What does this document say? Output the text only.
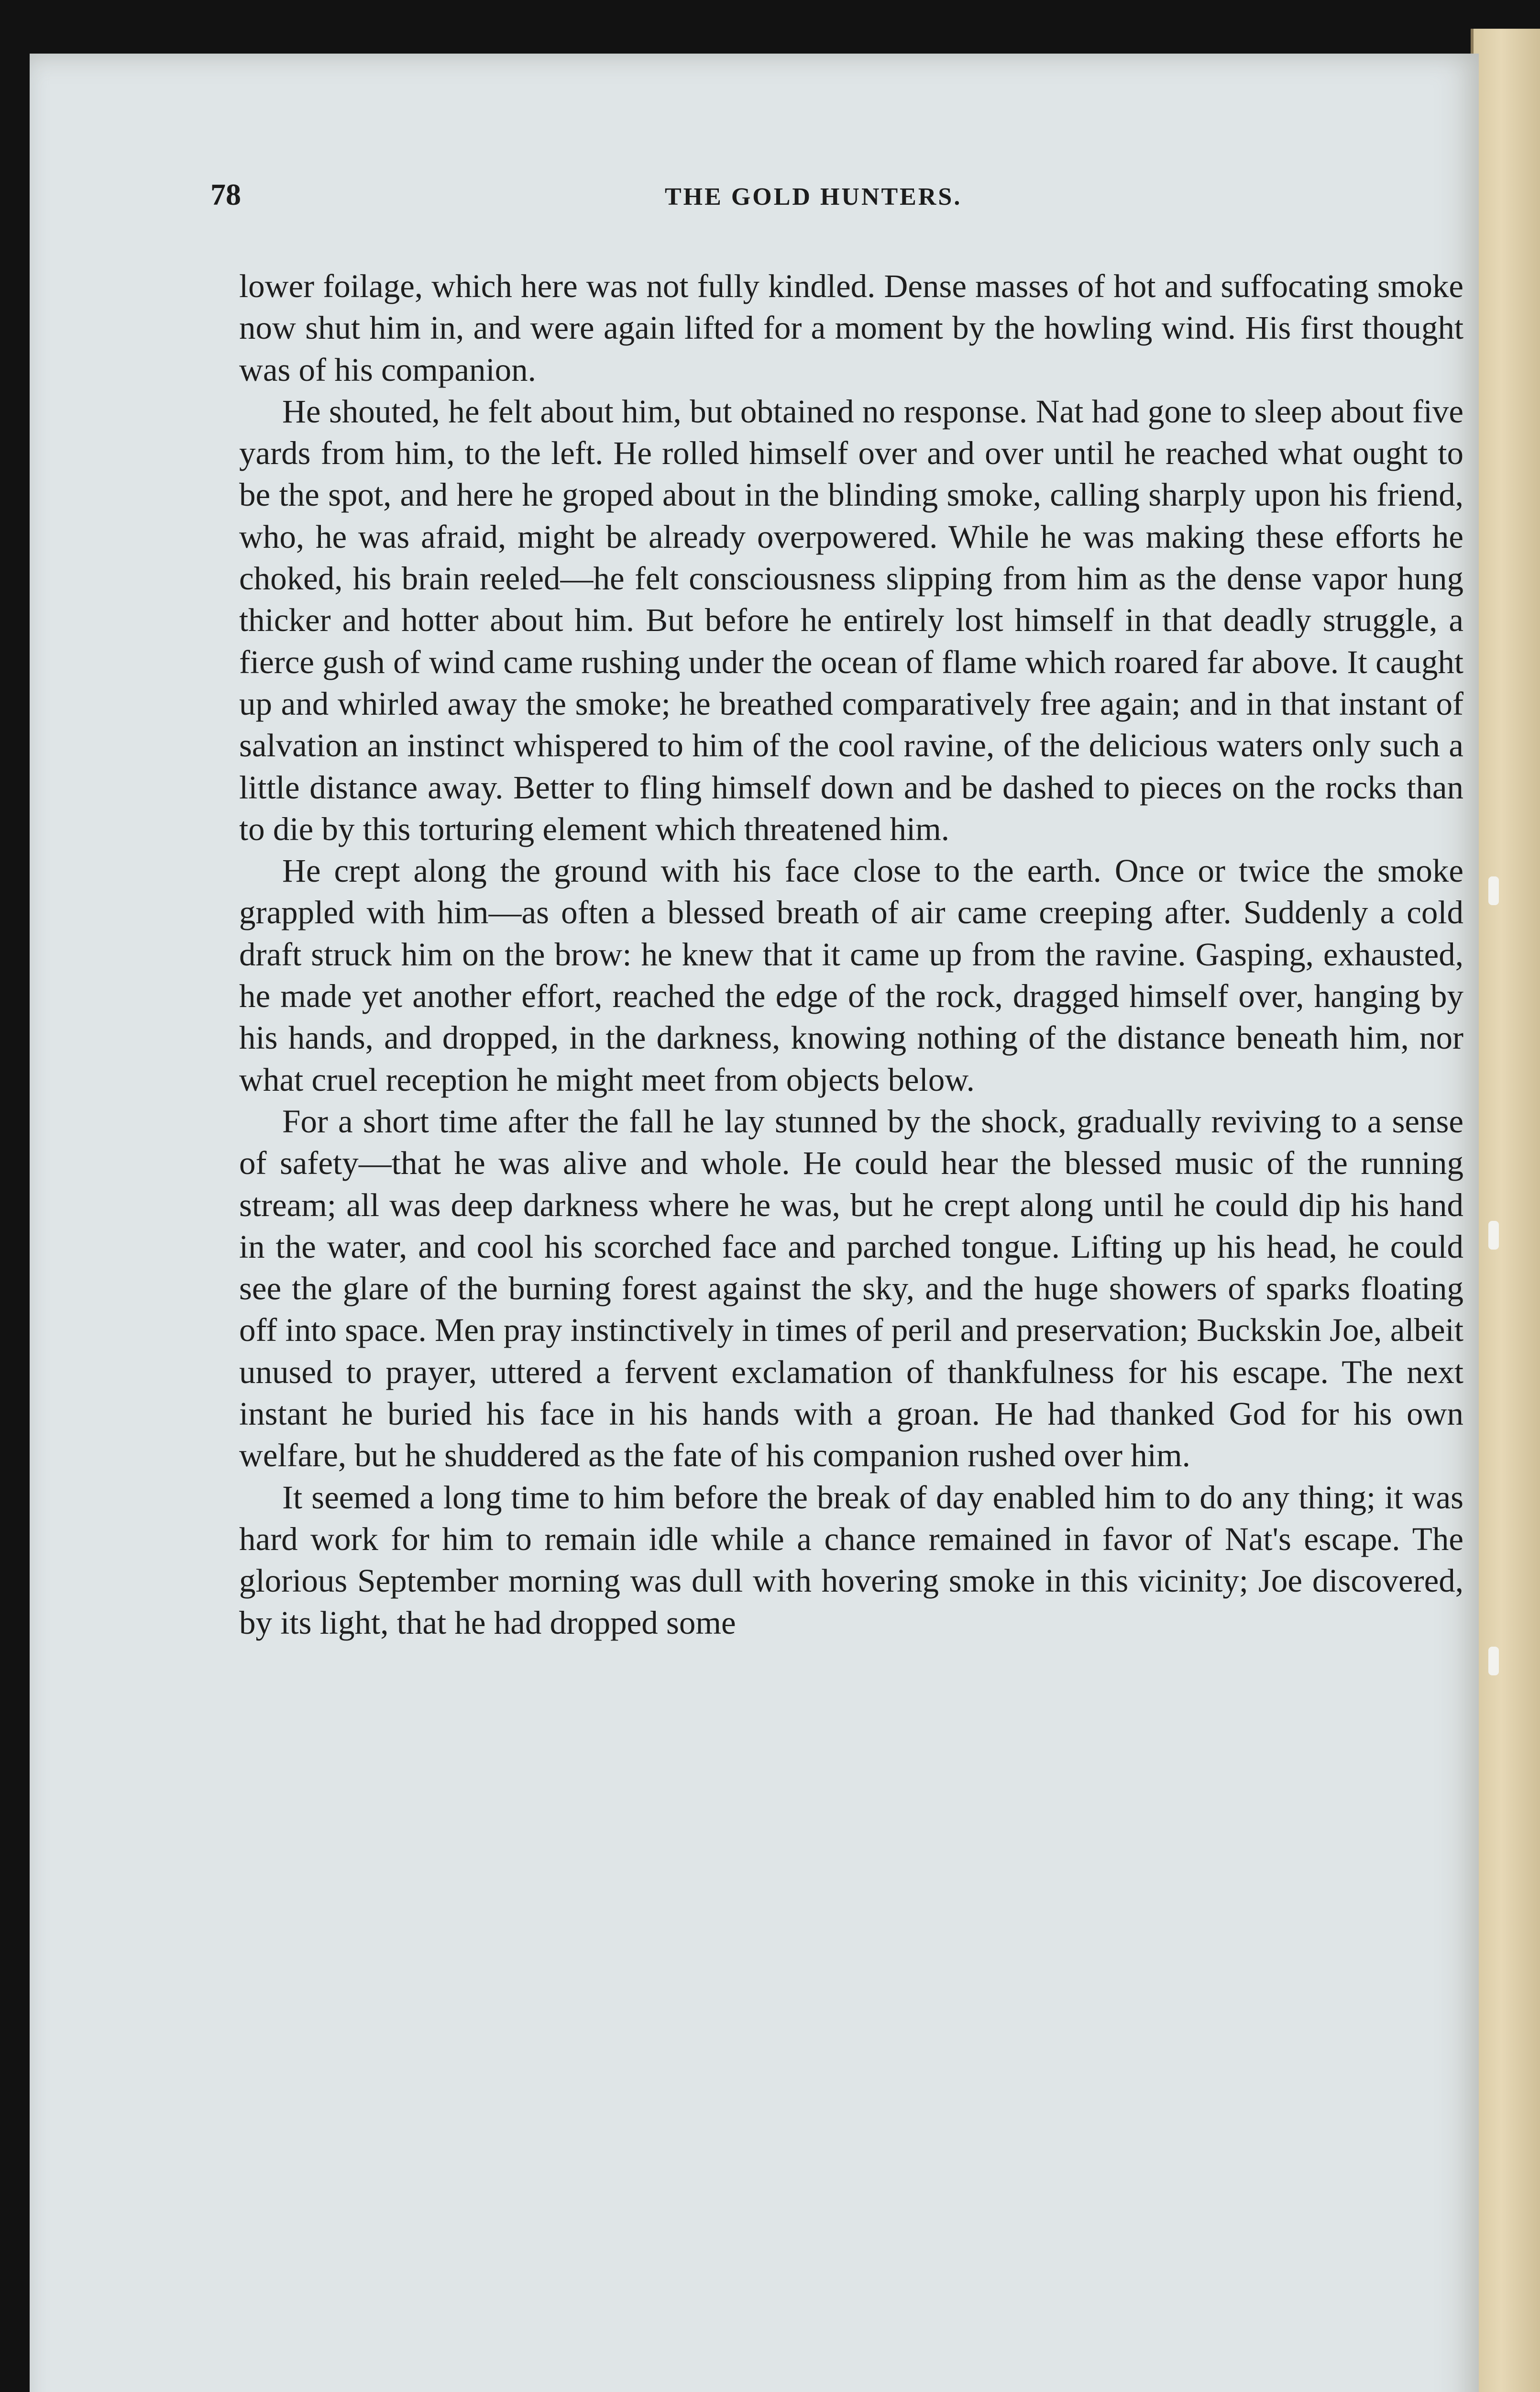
78	THE GOLD HUNTERS.

lower foilage, which here was not fully kindled. Dense masses of hot and suffocating smoke now shut him in, and were again lifted for a moment by the howling wind. His first thought was of his companion.

He shouted, he felt about him, but obtained no response. Nat had gone to sleep about five yards from him, to the left. He rolled himself over and over until he reached what ought to be the spot, and here he groped about in the blinding smoke, calling sharply upon his friend, who, he was afraid, might be already overpowered. While he was making these efforts he choked, his brain reeled—he felt consciousness slipping from him as the dense vapor hung thicker and hotter about him. But before he entirely lost himself in that deadly struggle, a fierce gush of wind came rushing under the ocean of flame which roared far above. It caught up and whirled away the smoke; he breathed comparatively free again; and in that instant of salvation an instinct whispered to him of the cool ravine, of the delicious waters only such a little distance away. Better to fling himself down and be dashed to pieces on the rocks than to die by this torturing element which threatened him.

He crept along the ground with his face close to the earth. Once or twice the smoke grappled with him—as often a blessed breath of air came creeping after. Suddenly a cold draft struck him on the brow: he knew that it came up from the ravine. Gasping, exhausted, he made yet another effort, reached the edge of the rock, dragged himself over, hanging by his hands, and dropped, in the darkness, knowing nothing of the distance beneath him, nor what cruel reception he might meet from objects below.

For a short time after the fall he lay stunned by the shock, gradually reviving to a sense of safety—that he was alive and whole. He could hear the blessed music of the running stream; all was deep darkness where he was, but he crept along until he could dip his hand in the water, and cool his scorched face and parched tongue. Lifting up his head, he could see the glare of the burning forest against the sky, and the huge showers of sparks floating off into space. Men pray instinctively in times of peril and preservation; Buckskin Joe, albeit unused to prayer, uttered a fervent exclamation of thankfulness for his escape. The next instant he buried his face in his hands with a groan. He had thanked God for his own welfare, but he shuddered as the fate of his companion rushed over him.

It seemed a long time to him before the break of day enabled him to do any thing; it was hard work for him to remain idle while a chance remained in favor of Nat's escape. The glorious September morning was dull with hovering smoke in this vicinity; Joe discovered, by its light, that he had dropped some
